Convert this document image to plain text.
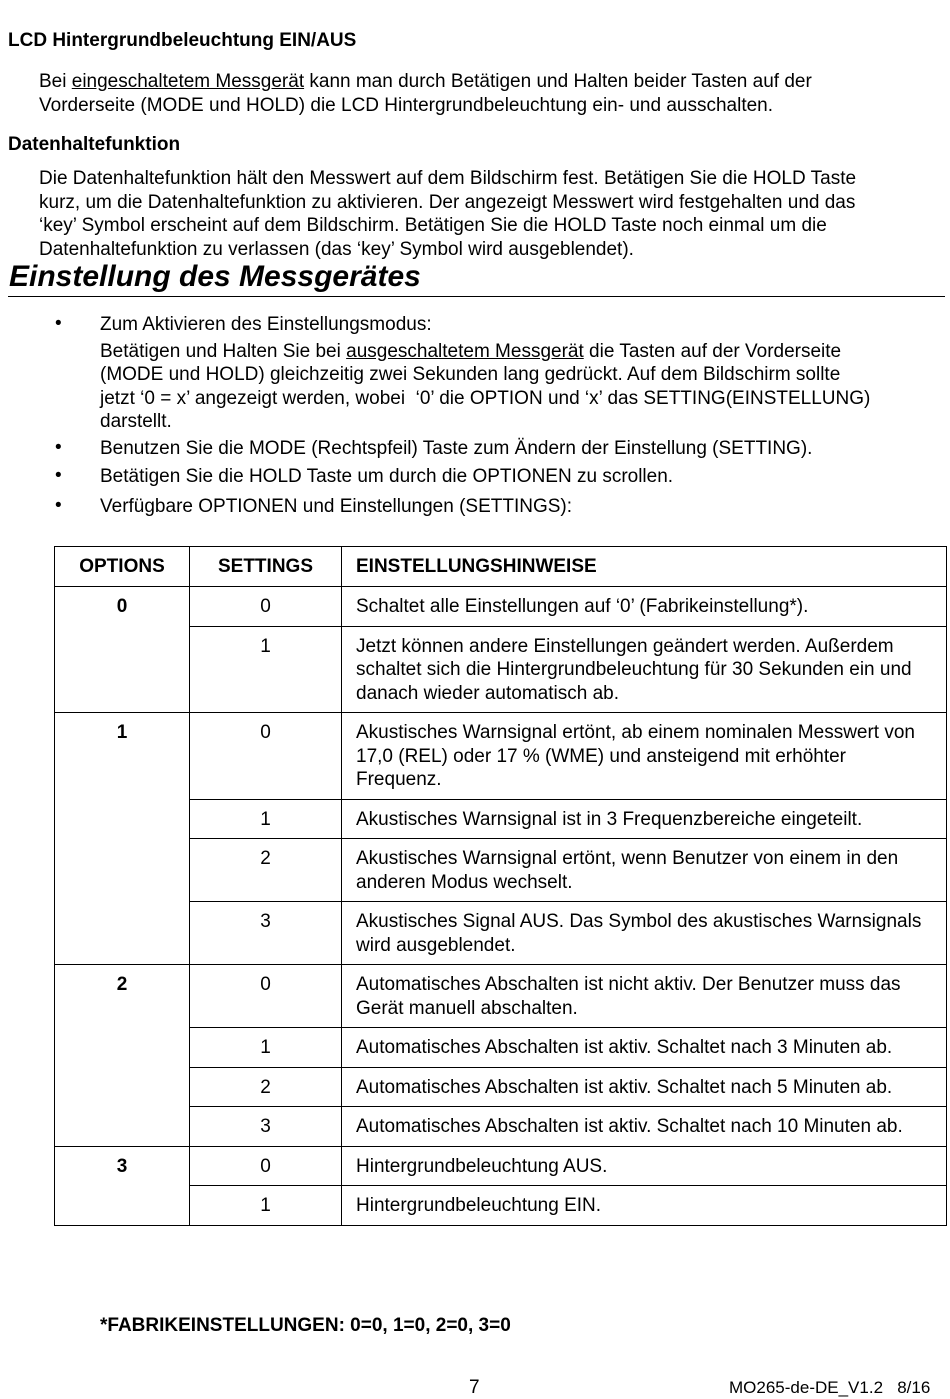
LCD Hintergrundbeleuchtung EIN/AUS
Bei eingeschaltetem Messgerät kann man durch Betätigen und Halten beider Tasten auf der
Vorderseite (MODE und HOLD) die LCD Hintergrundbeleuchtung ein- und ausschalten.
Datenhaltefunktion
Die Datenhaltefunktion hält den Messwert auf dem Bildschirm fest. Betätigen Sie die HOLD Taste
kurz, um die Datenhaltefunktion zu aktivieren. Der angezeigt Messwert wird festgehalten und das
‘key’ Symbol erscheint auf dem Bildschirm. Betätigen Sie die HOLD Taste noch einmal um die
Datenhaltefunktion zu verlassen (das ‘key’ Symbol wird ausgeblendet).
Einstellung des Messgerätes
• Zum Aktivieren des Einstellungsmodus:
Betätigen und Halten Sie bei ausgeschaltetem Messgerät die Tasten auf der Vorderseite
(MODE und HOLD) gleichzeitig zwei Sekunden lang gedrückt. Auf dem Bildschirm sollte
jetzt ‘0 = x’ angezeigt werden, wobei  ‘0’ die OPTION und ‘x’ das SETTING(EINSTELLUNG)
darstellt.
• Benutzen Sie die MODE (Rechtspfeil) Taste zum Ändern der Einstellung (SETTING).
• Betätigen Sie die HOLD Taste um durch die OPTIONEN zu scrollen.
• Verfügbare OPTIONEN und Einstellungen (SETTINGS):
OPTIONS	SETTINGS	EINSTELLUNGSHINWEISE
0	0	Schaltet alle Einstellungen auf ‘0’ (Fabrikeinstellung*).
	1	Jetzt können andere Einstellungen geändert werden. Außerdem schaltet sich die Hintergrundbeleuchtung für 30 Sekunden ein und danach wieder automatisch ab.
1	0	Akustisches Warnsignal ertönt, ab einem nominalen Messwert von 17,0 (REL) oder 17 % (WME) und ansteigend mit erhöhter Frequenz.
	1	Akustisches Warnsignal ist in 3 Frequenzbereiche eingeteilt.
	2	Akustisches Warnsignal ertönt, wenn Benutzer von einem in den anderen Modus wechselt.
	3	Akustisches Signal AUS. Das Symbol des akustisches Warnsignals wird ausgeblendet.
2	0	Automatisches Abschalten ist nicht aktiv. Der Benutzer muss das Gerät manuell abschalten.
	1	Automatisches Abschalten ist aktiv. Schaltet nach 3 Minuten ab.
	2	Automatisches Abschalten ist aktiv. Schaltet nach 5 Minuten ab.
	3	Automatisches Abschalten ist aktiv. Schaltet nach 10 Minuten ab.
3	0	Hintergrundbeleuchtung AUS.
	1	Hintergrundbeleuchtung EIN.
*FABRIKEINSTELLUNGEN: 0=0, 1=0, 2=0, 3=0
7	MO265-de-DE_V1.2   8/16
